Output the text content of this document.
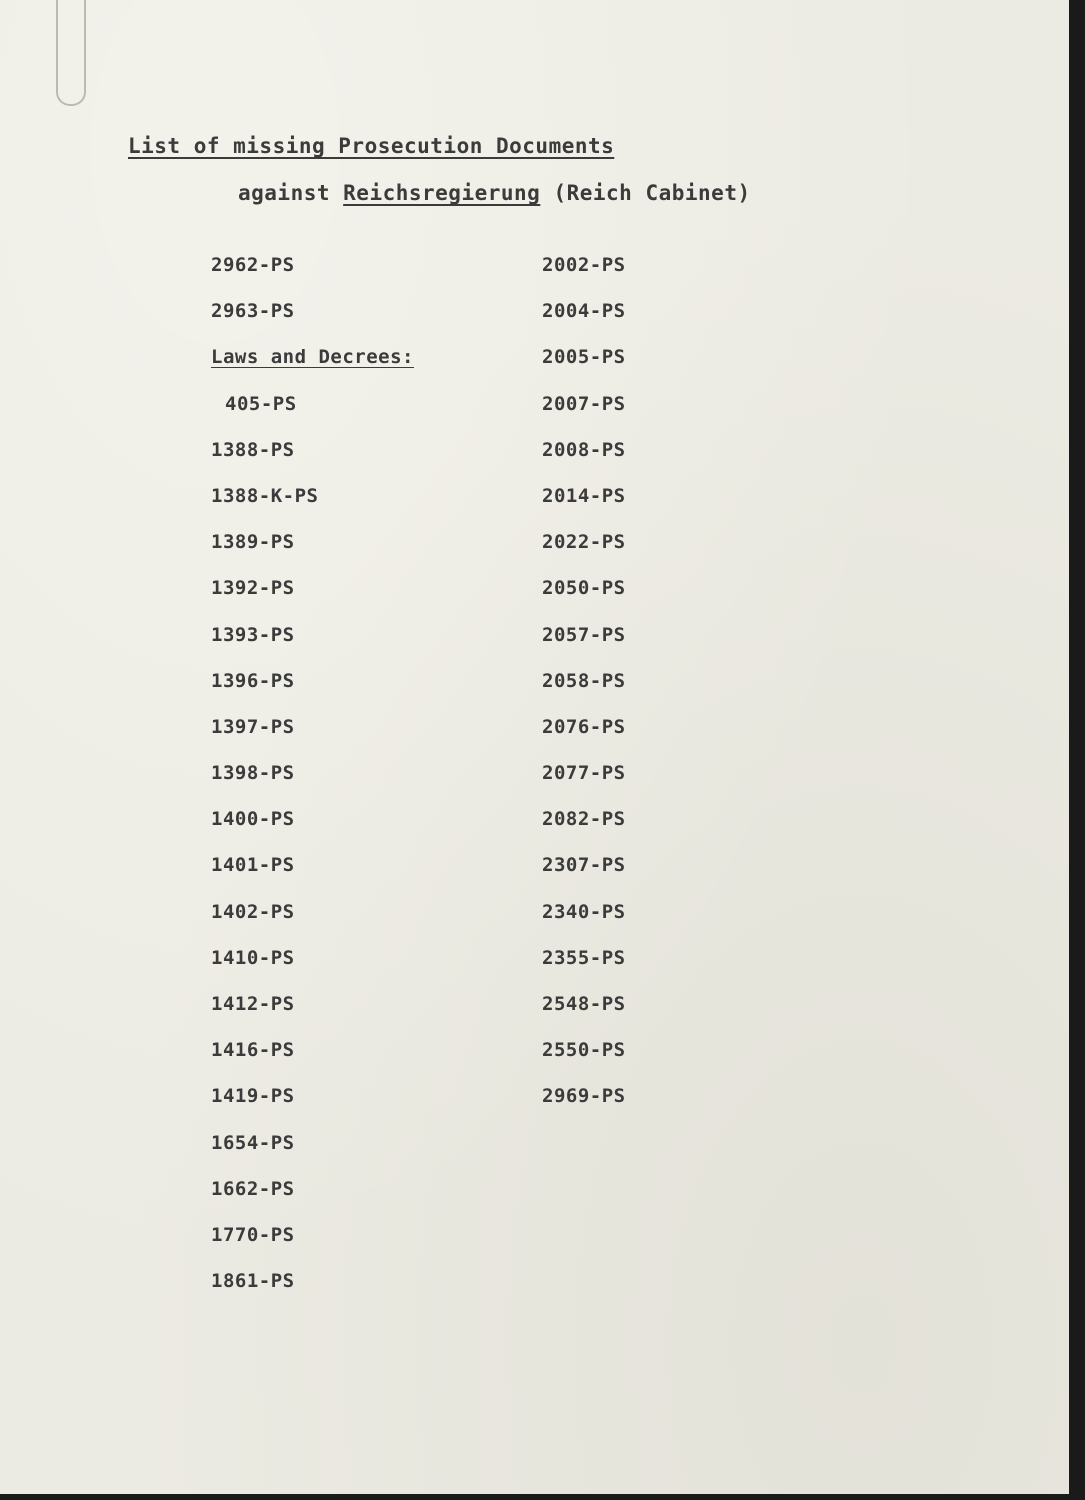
List of missing Prosecution Documents
against Reichsregierung (Reich Cabinet)
2962-PS
2963-PS
Laws and Decrees:
405-PS
1388-PS
1388-K-PS
1389-PS
1392-PS
1393-PS
1396-PS
1397-PS
1398-PS
1400-PS
1401-PS
1402-PS
1410-PS
1412-PS
1416-PS
1419-PS
1654-PS
1662-PS
1770-PS
1861-PS
2002-PS
2004-PS
2005-PS
2007-PS
2008-PS
2014-PS
2022-PS
2050-PS
2057-PS
2058-PS
2076-PS
2077-PS
2082-PS
2307-PS
2340-PS
2355-PS
2548-PS
2550-PS
2969-PS
